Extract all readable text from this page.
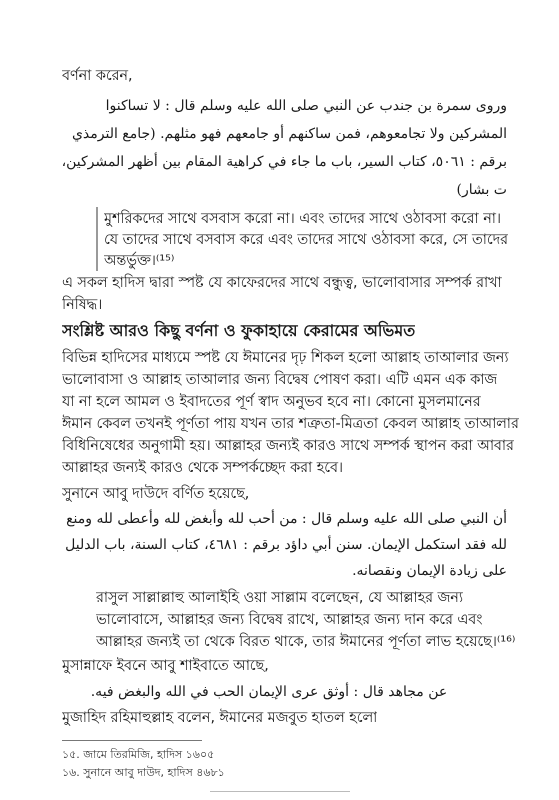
বর্ণনা করেন,
وروى سمرة بن جندب عن النبي صلى الله عليه وسلم قال : لا تساكنوا
المشركين ولا تجامعوهم، فمن ساكنهم أو جامعهم فهو مثلهم. (جامع الترمذي
برقم : ٥٠٦١، كتاب السير، باب ما جاء في كراهية المقام بين أظهر المشركين،
ت بشار)
মুশরিকদের সাথে বসবাস করো না। এবং তাদের সাথে ওঠাবসা করো না।
যে তাদের সাথে বসবাস করে এবং তাদের সাথে ওঠাবসা করে, সে তাদের
অন্তর্ভুক্ত।⁽¹⁵⁾
এ সকল হাদিস দ্বারা স্পষ্ট যে কাফেরদের সাথে বন্ধুত্ব, ভালোবাসার সম্পর্ক রাখা
নিষিদ্ধ।
সংশ্লিষ্ট আরও কিছু বর্ণনা ও ফুকাহায়ে কেরামের অভিমত
বিভিন্ন হাদিসের মাধ্যমে স্পষ্ট যে ঈমানের দৃঢ় শিকল হলো আল্লাহ তাআলার জন্য
ভালোবাসা ও আল্লাহ তাআলার জন্য বিদ্বেষ পোষণ করা। এটি এমন এক কাজ
যা না হলে আমল ও ইবাদতের পূর্ণ স্বাদ অনুভব হবে না। কোনো মুসলমানের
ঈমান কেবল তখনই পূর্ণতা পায় যখন তার শত্রুতা-মিত্রতা কেবল আল্লাহ তাআলার
বিধিনিষেধের অনুগামী হয়। আল্লাহর জন্যই কারও সাথে সম্পর্ক স্থাপন করা আবার
আল্লাহর জন্যই কারও থেকে সম্পর্কচ্ছেদ করা হবে।
সুনানে আবু দাউদে বর্ণিত হয়েছে,
أن النبي صلى الله عليه وسلم قال : من أحب لله وأبغض لله وأعطى لله ومنع
لله فقد استكمل الإيمان. سنن أبي داؤد برقم : ٤٦٨١، كتاب السنة، باب الدليل
على زيادة الإيمان ونقصانه.
রাসুল সাল্লাল্লাহু আলাইহি ওয়া সাল্লাম বলেছেন, যে আল্লাহর জন্য
ভালোবাসে, আল্লাহর জন্য বিদ্বেষ রাখে, আল্লাহর জন্য দান করে এবং
আল্লাহর জন্যই তা থেকে বিরত থাকে, তার ঈমানের পূর্ণতা লাভ হয়েছে।⁽¹⁶⁾
মুসান্নাফে ইবনে আবু শাইবাতে আছে,
عن مجاهد قال : أوثق عرى الإيمان الحب في الله والبغض فيه.
মুজাহিদ রহিমাহুল্লাহ বলেন, ঈমানের মজবুত হাতল হলো
১৫. জামে তিরমিজি, হাদিস ১৬০৫
১৬. সুনানে আবু দাউদ, হাদিস ৪৬৮১
